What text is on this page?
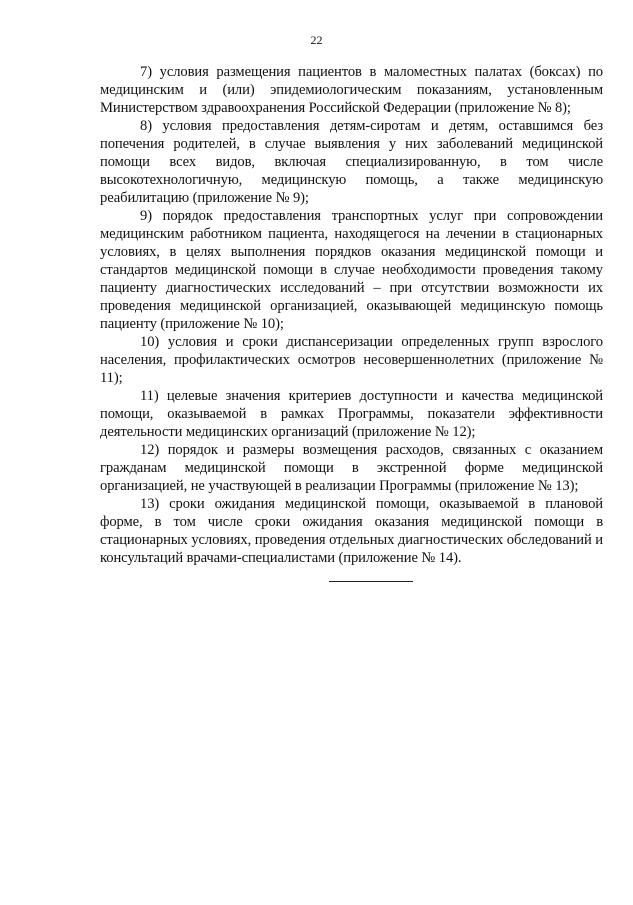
22

7) условия размещения пациентов в маломестных палатах (боксах) по медицинским и (или) эпидемиологическим показаниям, установленным Министерством здравоохранения Российской Федерации (приложение № 8);

8) условия предоставления детям-сиротам и детям, оставшимся без попечения родителей, в случае выявления у них заболеваний медицинской помощи всех видов, включая специализированную, в том числе высокотехнологичную, медицинскую помощь, а также медицинскую реабилитацию (приложение № 9);

9) порядок предоставления транспортных услуг при сопровождении медицинским работником пациента, находящегося на лечении в стационарных условиях, в целях выполнения порядков оказания медицинской помощи и стандартов медицинской помощи в случае необходимости проведения такому пациенту диагностических исследований – при отсутствии возможности их проведения медицинской организацией, оказывающей медицинскую помощь пациенту (приложение № 10);

10) условия и сроки диспансеризации определенных групп взрослого населения, профилактических осмотров несовершеннолетних (приложение № 11);

11) целевые значения критериев доступности и качества медицинской помощи, оказываемой в рамках Программы, показатели эффективности деятельности медицинских организаций (приложение № 12);

12) порядок и размеры возмещения расходов, связанных с оказанием гражданам медицинской помощи в экстренной форме медицинской организацией, не участвующей в реализации Программы (приложение № 13);

13) сроки ожидания медицинской помощи, оказываемой в плановой форме, в том числе сроки ожидания оказания медицинской помощи в стационарных условиях, проведения отдельных диагностических обследований и консультаций врачами-специалистами (приложение № 14).
